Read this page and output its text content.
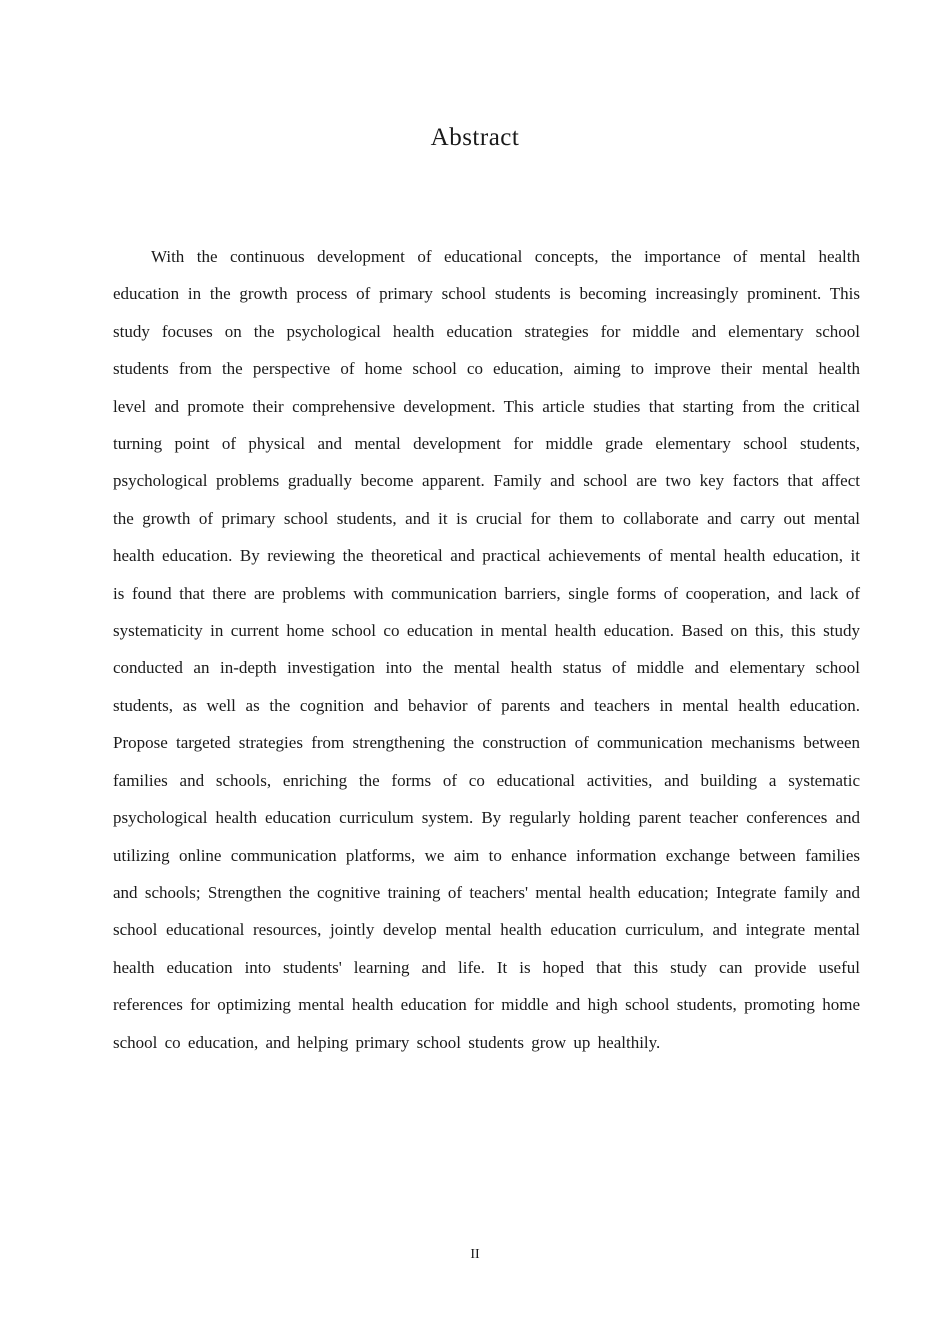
Abstract

With the continuous development of educational concepts, the importance of mental health education in the growth process of primary school students is becoming increasingly prominent. This study focuses on the psychological health education strategies for middle and elementary school students from the perspective of home school co education, aiming to improve their mental health level and promote their comprehensive development. This article studies that starting from the critical turning point of physical and mental development for middle grade elementary school students, psychological problems gradually become apparent. Family and school are two key factors that affect the growth of primary school students, and it is crucial for them to collaborate and carry out mental health education. By reviewing the theoretical and practical achievements of mental health education, it is found that there are problems with communication barriers, single forms of cooperation, and lack of systematicity in current home school co education in mental health education. Based on this, this study conducted an in-depth investigation into the mental health status of middle and elementary school students, as well as the cognition and behavior of parents and teachers in mental health education. Propose targeted strategies from strengthening the construction of communication mechanisms between families and schools, enriching the forms of co educational activities, and building a systematic psychological health education curriculum system. By regularly holding parent teacher conferences and utilizing online communication platforms, we aim to enhance information exchange between families and schools; Strengthen the cognitive training of teachers' mental health education; Integrate family and school educational resources, jointly develop mental health education curriculum, and integrate mental health education into students' learning and life. It is hoped that this study can provide useful references for optimizing mental health education for middle and high school students, promoting home school co education, and helping primary school students grow up healthily.

II
